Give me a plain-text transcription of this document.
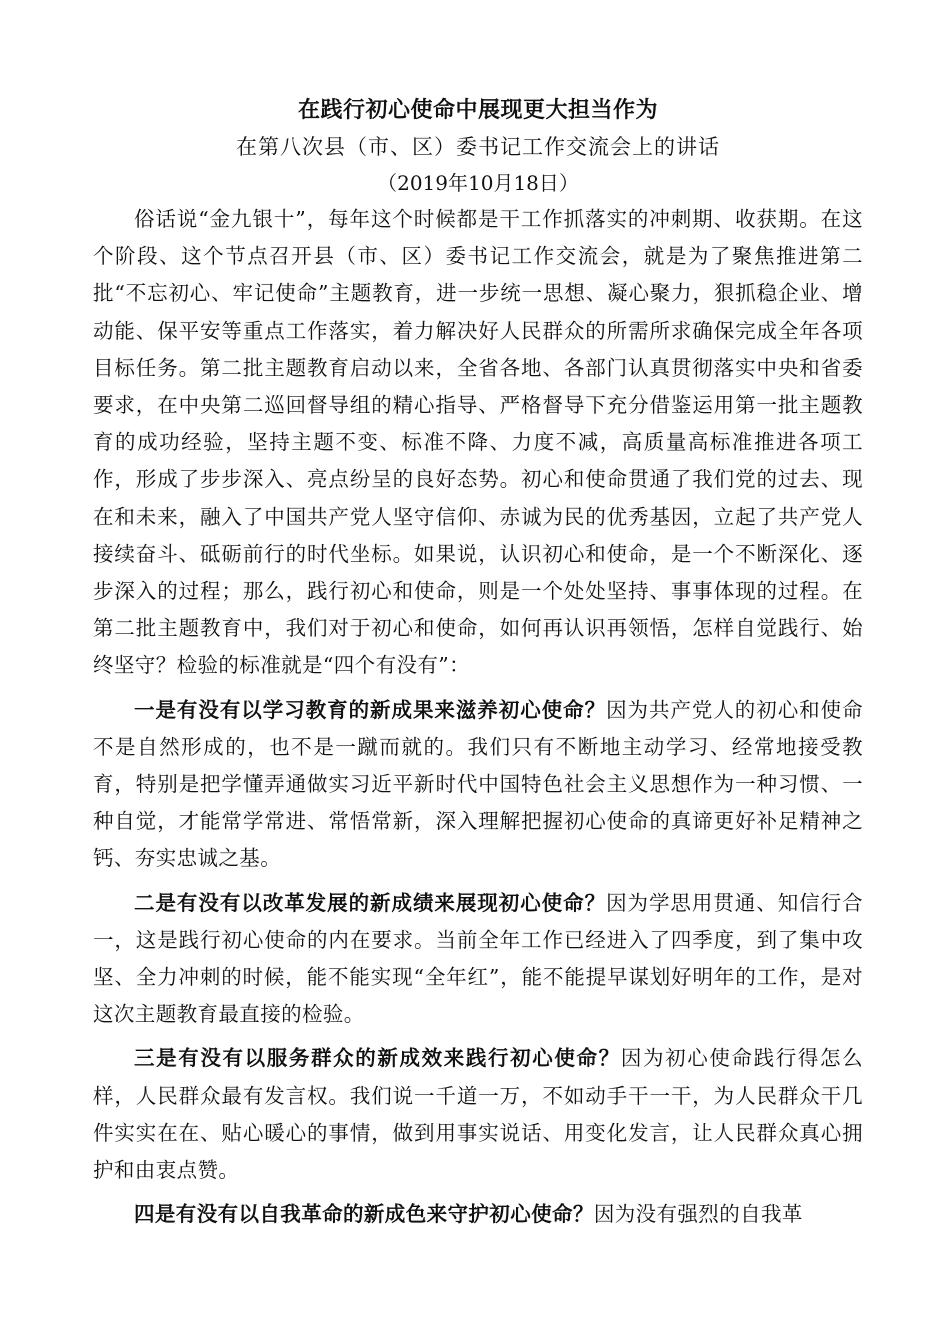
在践行初心使命中展现更大担当作为

在第八次县（市、区）委书记工作交流会上的讲话

（2019年10月18日）

俗话说“金九银十”，每年这个时候都是干工作抓落实的冲刺期、收获期。在这个阶段、这个节点召开县（市、区）委书记工作交流会，就是为了聚焦推进第二批“不忘初心、牢记使命”主题教育，进一步统一思想、凝心聚力，狠抓稳企业、增动能、保平安等重点工作落实，着力解决好人民群众的所需所求确保完成全年各项目标任务。第二批主题教育启动以来，全省各地、各部门认真贯彻落实中央和省委要求，在中央第二巡回督导组的精心指导、严格督导下充分借鉴运用第一批主题教育的成功经验，坚持主题不变、标准不降、力度不减，高质量高标准推进各项工作，形成了步步深入、亮点纷呈的良好态势。初心和使命贯通了我们党的过去、现在和未来，融入了中国共产党人坚守信仰、赤诚为民的优秀基因，立起了共产党人接续奋斗、砥砺前行的时代坐标。如果说，认识初心和使命，是一个不断深化、逐步深入的过程；那么，践行初心和使命，则是一个处处坚持、事事体现的过程。在第二批主题教育中，我们对于初心和使命，如何再认识再领悟，怎样自觉践行、始终坚守？检验的标准就是“四个有没有”：

一是有没有以学习教育的新成果来滋养初心使命？因为共产党人的初心和使命不是自然形成的，也不是一蹴而就的。我们只有不断地主动学习、经常地接受教育，特别是把学懂弄通做实习近平新时代中国特色社会主义思想作为一种习惯、一种自觉，才能常学常进、常悟常新，深入理解把握初心使命的真谛更好补足精神之钙、夯实忠诚之基。

二是有没有以改革发展的新成绩来展现初心使命？因为学思用贯通、知信行合一，这是践行初心使命的内在要求。当前全年工作已经进入了四季度，到了集中攻坚、全力冲刺的时候，能不能实现“全年红”，能不能提早谋划好明年的工作，是对这次主题教育最直接的检验。

三是有没有以服务群众的新成效来践行初心使命？因为初心使命践行得怎么样，人民群众最有发言权。我们说一千道一万，不如动手干一干，为人民群众干几件实实在在、贴心暖心的事情，做到用事实说话、用变化发言，让人民群众真心拥护和由衷点赞。

四是有没有以自我革命的新成色来守护初心使命？因为没有强烈的自我革
